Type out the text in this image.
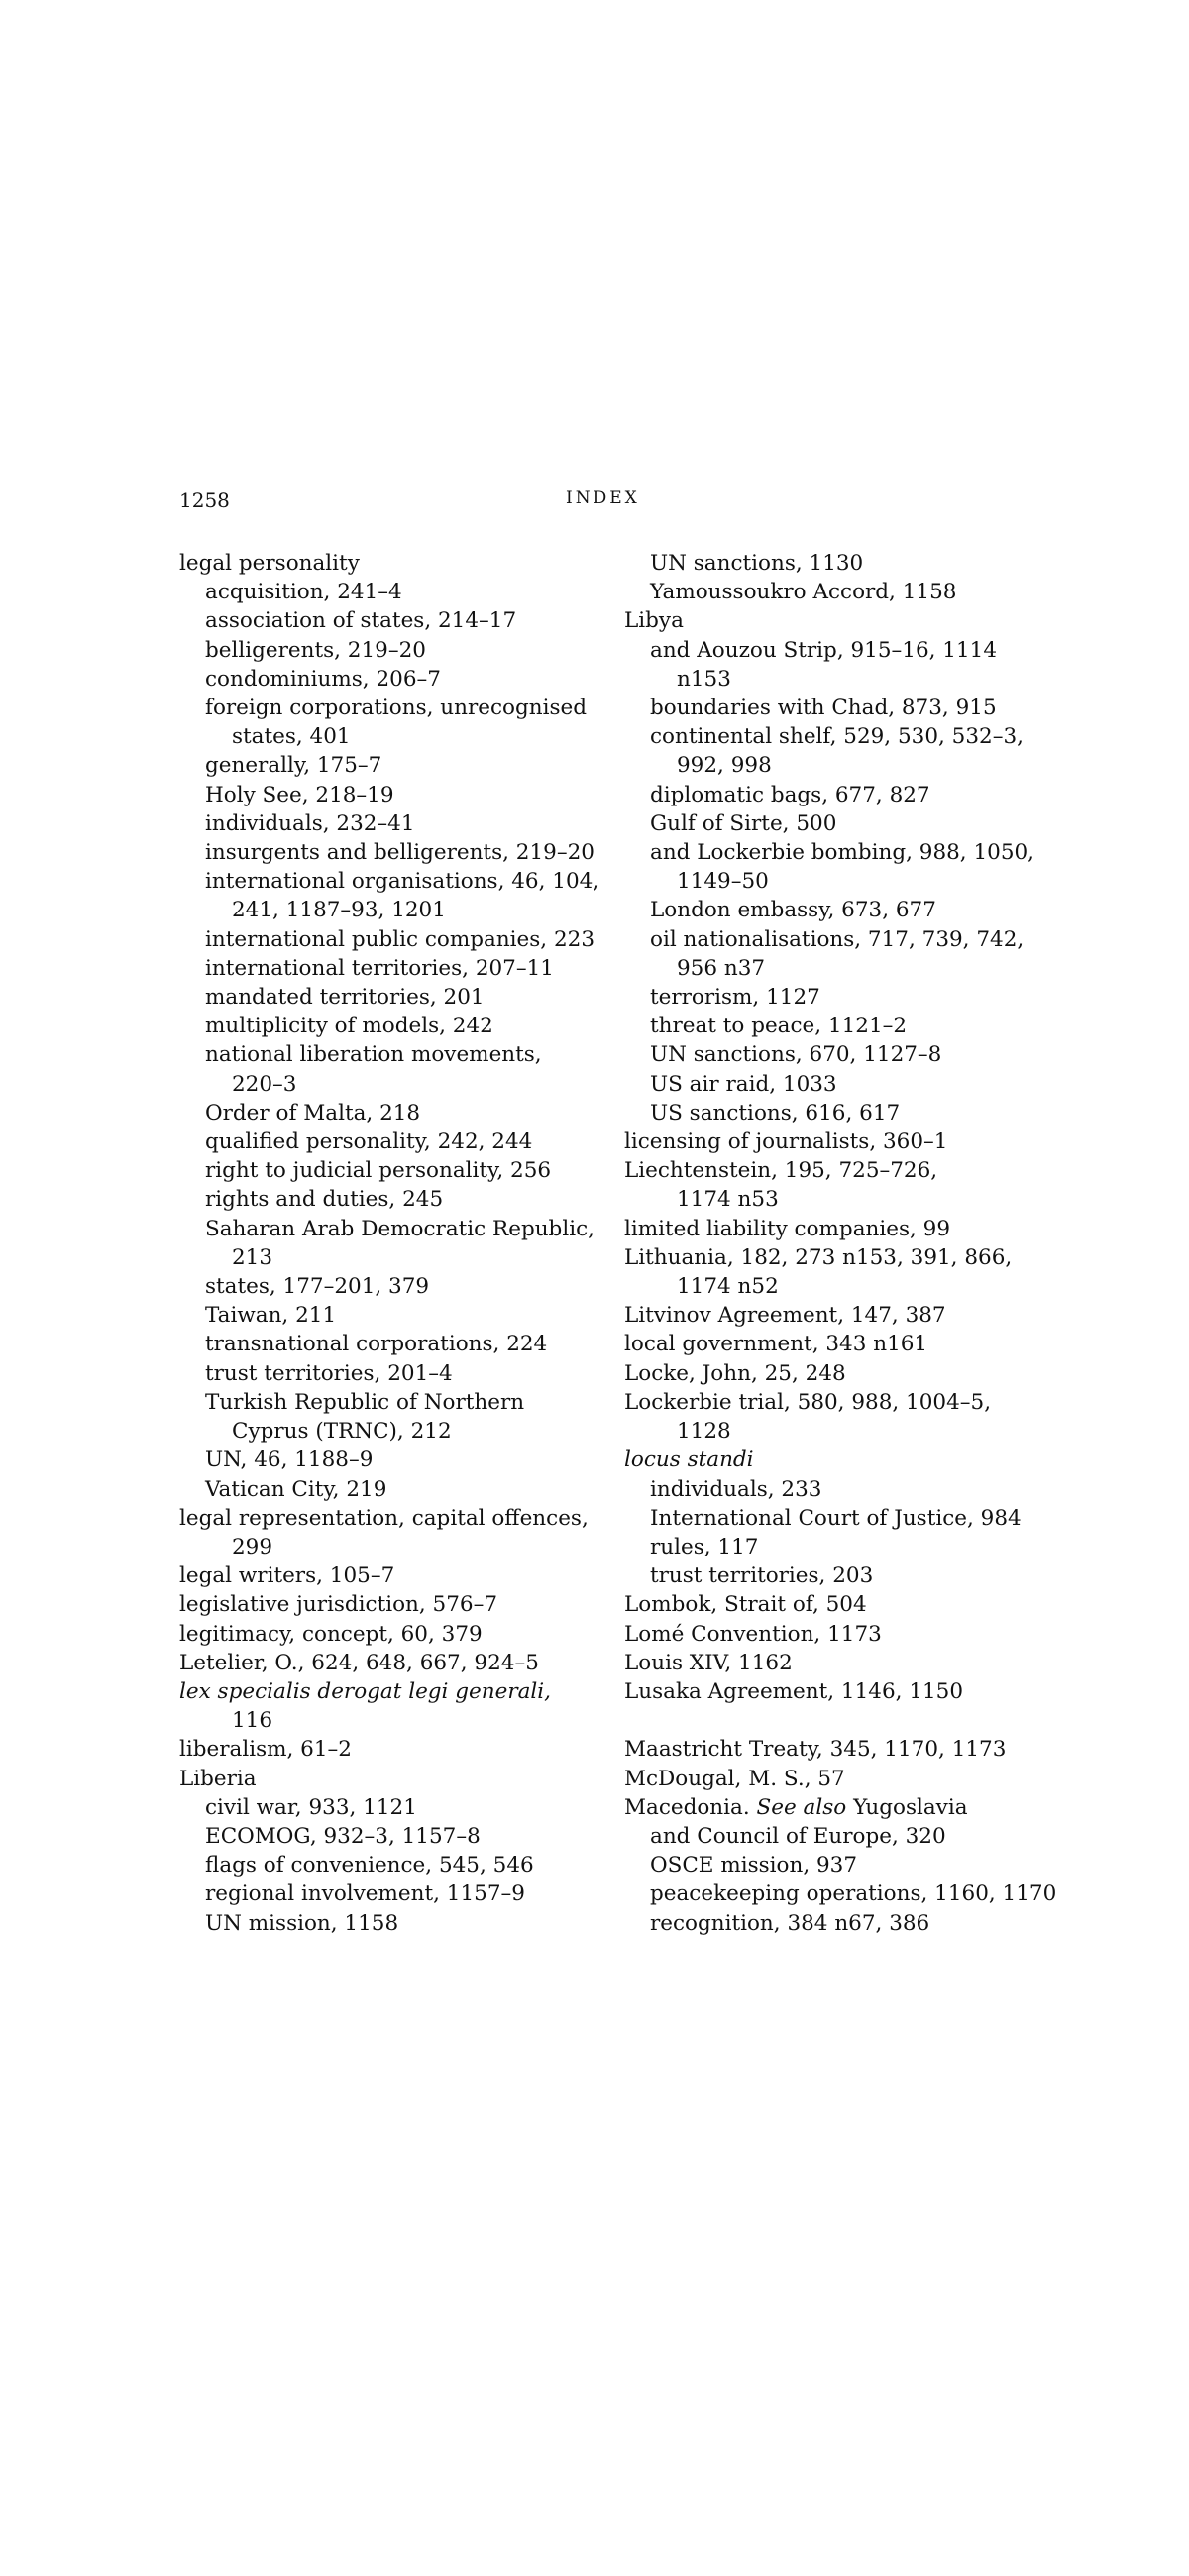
1258	INDEX
legal personality
acquisition, 241–4
association of states, 214–17
belligerents, 219–20
condominiums, 206–7
foreign corporations, unrecognised
states, 401
generally, 175–7
Holy See, 218–19
individuals, 232–41
insurgents and belligerents, 219–20
international organisations, 46, 104,
241, 1187–93, 1201
international public companies, 223
international territories, 207–11
mandated territories, 201
multiplicity of models, 242
national liberation movements,
220–3
Order of Malta, 218
qualified personality, 242, 244
right to judicial personality, 256
rights and duties, 245
Saharan Arab Democratic Republic,
213
states, 177–201, 379
Taiwan, 211
transnational corporations, 224
trust territories, 201–4
Turkish Republic of Northern
Cyprus (TRNC), 212
UN, 46, 1188–9
Vatican City, 219
legal representation, capital offences,
299
legal writers, 105–7
legislative jurisdiction, 576–7
legitimacy, concept, 60, 379
Letelier, O., 624, 648, 667, 924–5
lex specialis derogat legi generali,
116
liberalism, 61–2
Liberia
civil war, 933, 1121
ECOMOG, 932–3, 1157–8
flags of convenience, 545, 546
regional involvement, 1157–9
UN mission, 1158
UN sanctions, 1130
Yamoussoukro Accord, 1158
Libya
and Aouzou Strip, 915–16, 1114
n153
boundaries with Chad, 873, 915
continental shelf, 529, 530, 532–3,
992, 998
diplomatic bags, 677, 827
Gulf of Sirte, 500
and Lockerbie bombing, 988, 1050,
1149–50
London embassy, 673, 677
oil nationalisations, 717, 739, 742,
956 n37
terrorism, 1127
threat to peace, 1121–2
UN sanctions, 670, 1127–8
US air raid, 1033
US sanctions, 616, 617
licensing of journalists, 360–1
Liechtenstein, 195, 725–726,
1174 n53
limited liability companies, 99
Lithuania, 182, 273 n153, 391, 866,
1174 n52
Litvinov Agreement, 147, 387
local government, 343 n161
Locke, John, 25, 248
Lockerbie trial, 580, 988, 1004–5,
1128
locus standi
individuals, 233
International Court of Justice, 984
rules, 117
trust territories, 203
Lombok, Strait of, 504
Lomé Convention, 1173
Louis XIV, 1162
Lusaka Agreement, 1146, 1150
Maastricht Treaty, 345, 1170, 1173
McDougal, M. S., 57
Macedonia. See also Yugoslavia
and Council of Europe, 320
OSCE mission, 937
peacekeeping operations, 1160, 1170
recognition, 384 n67, 386
